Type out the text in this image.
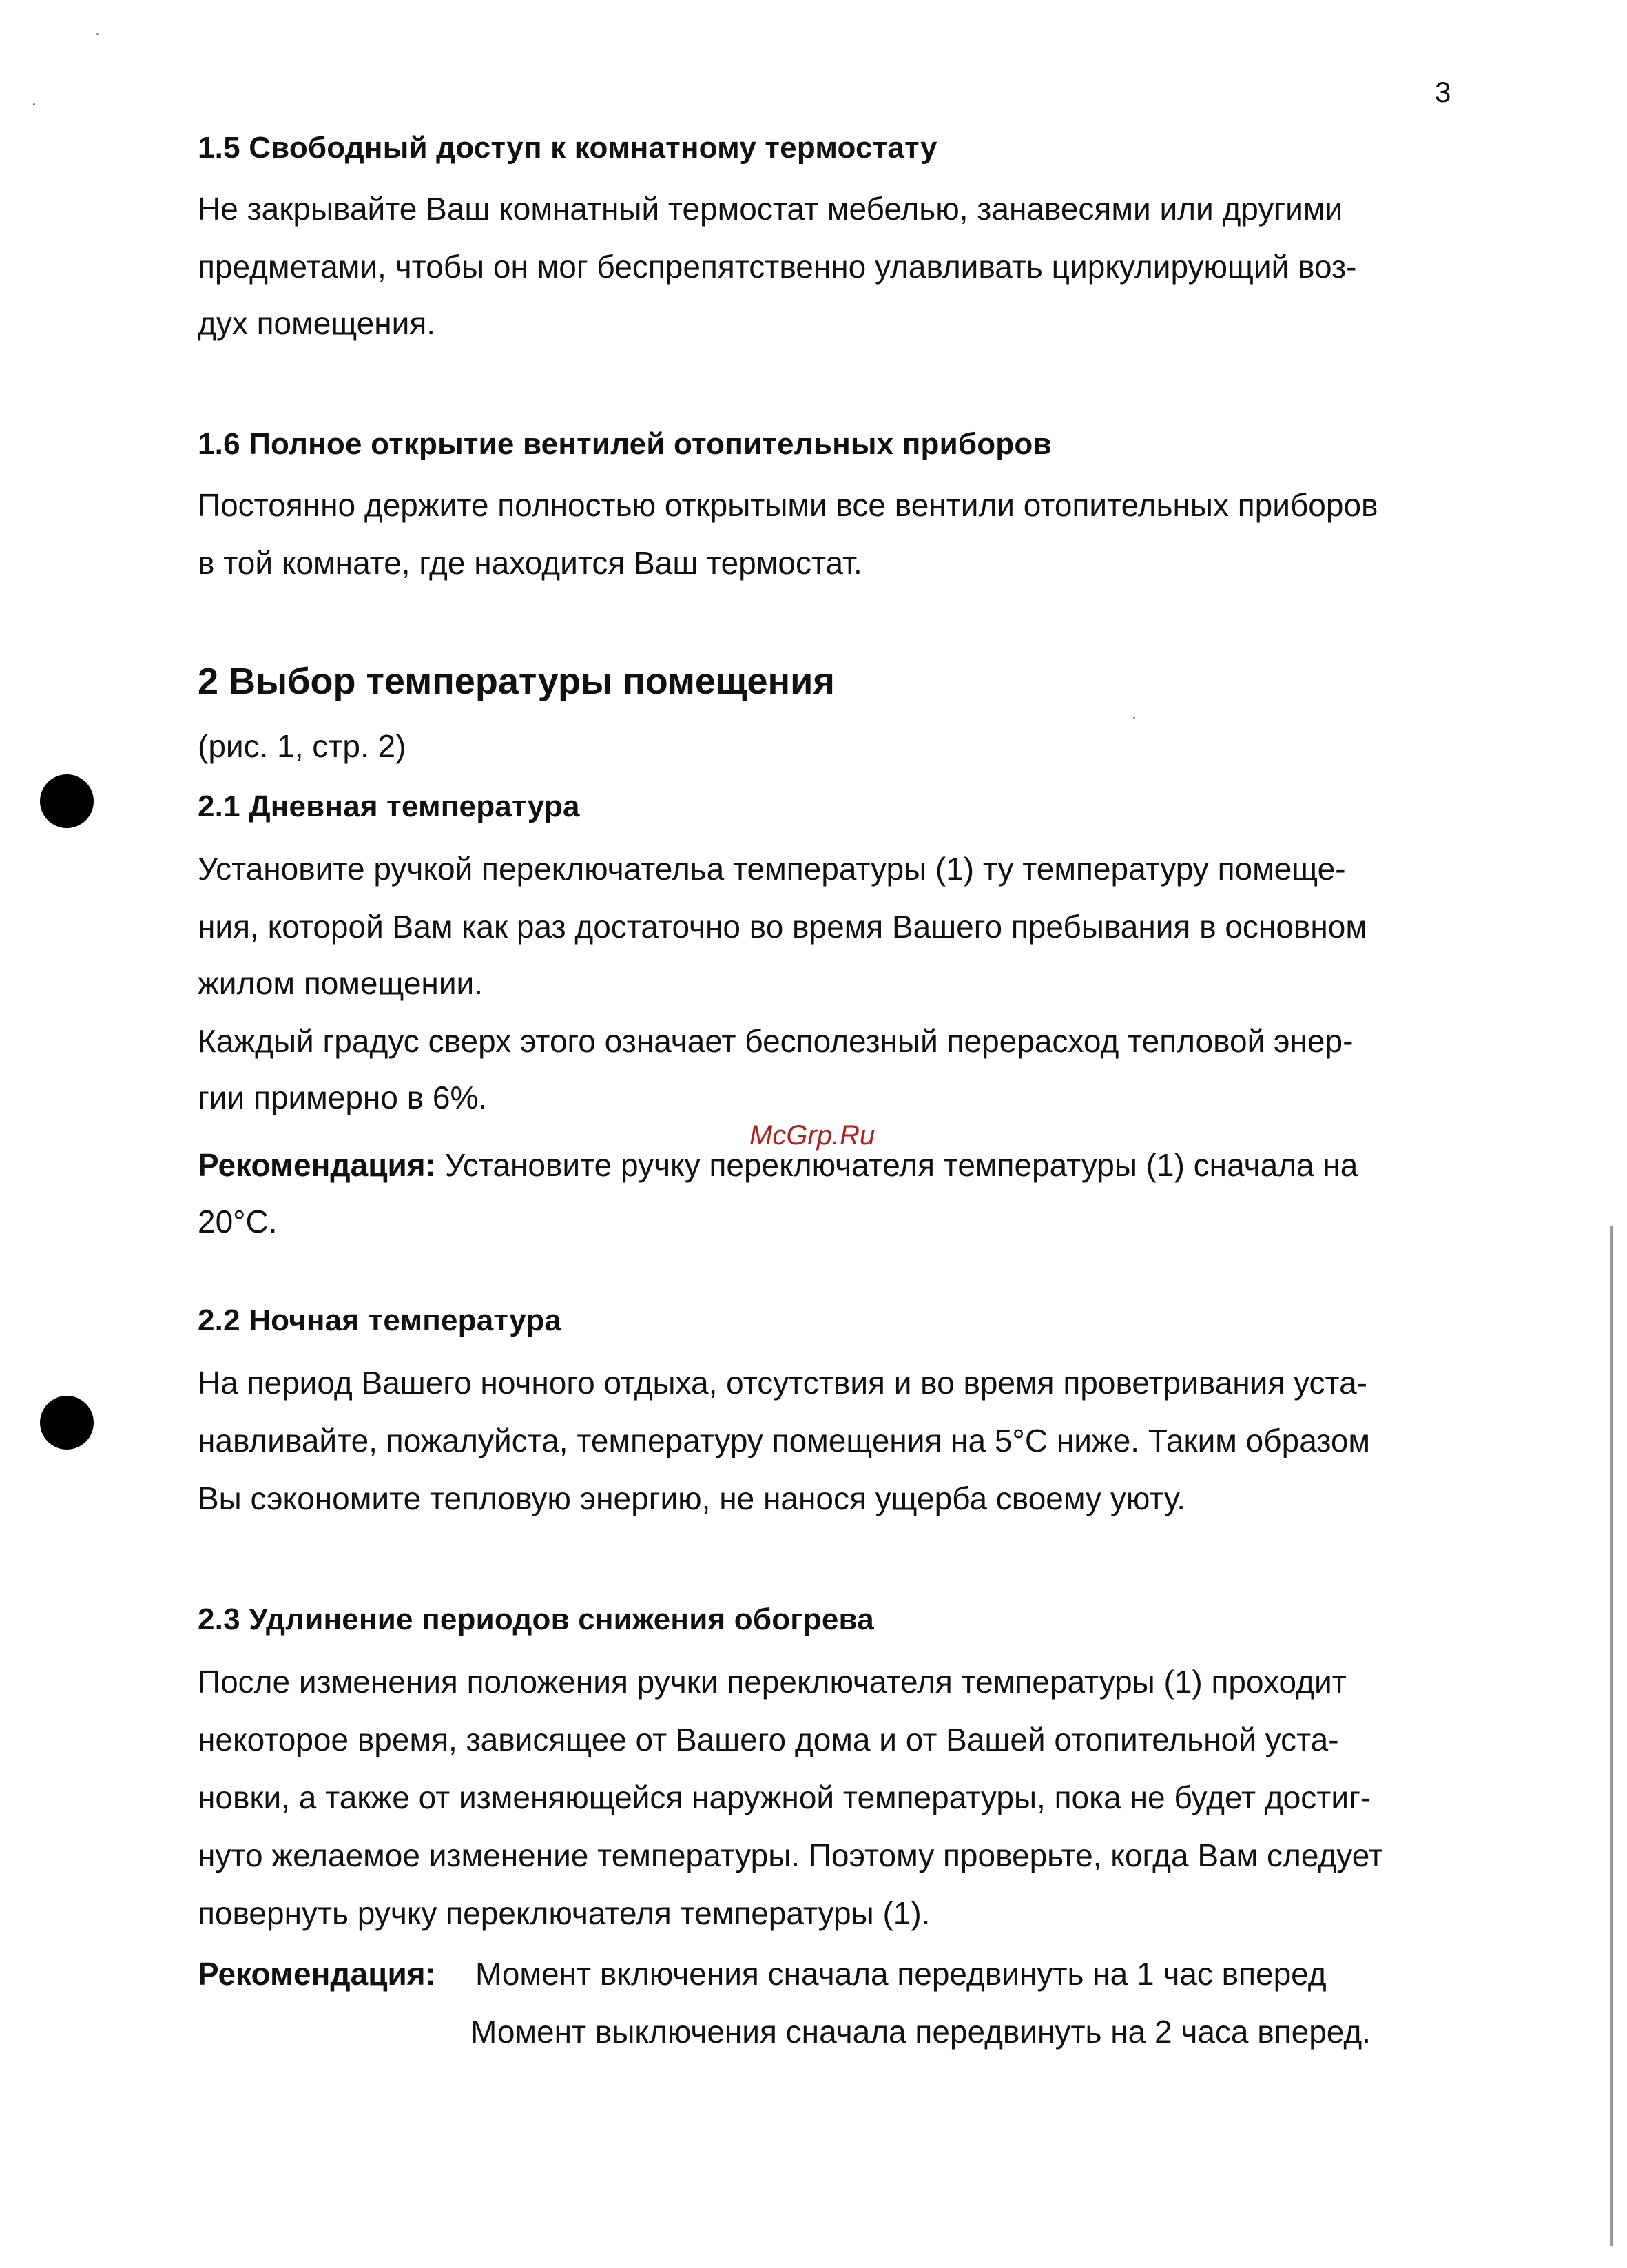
3
1.5 Свободный доступ к комнатному термостату
Не закрывайте Ваш комнатный термостат мебелью, занавесями или другими
предметами, чтобы он мог беспрепятственно улавливать циркулирующий воз-
дух помещения.
1.6 Полное открытие вентилей отопительных приборов
Постоянно держите полностью открытыми все вентили отопительных приборов
в той комнате, где находится Ваш термостат.
2 Выбор температуры помещения
(рис. 1, стр. 2)
2.1 Дневная температура
Установите ручкой переключательа температуры (1) ту температуру помеще-
ния, которой Вам как раз достаточно во время Вашего пребывания в основном
жилом помещении.
Каждый градус сверх этого означает бесполезный перерасход тепловой энер-
гии примерно в 6%.
McGrp.Ru
Рекомендация: Установите ручку переключателя температуры (1) сначала на
20°С.
2.2 Ночная температура
На период Вашего ночного отдыха, отсутствия и во время проветривания уста-
навливайте, пожалуйста, температуру помещения на 5°С ниже. Таким образом
Вы сэкономите тепловую энергию, не нанося ущерба своему уюту.
2.3 Удлинение периодов снижения обогрева
После изменения положения ручки переключателя температуры (1) проходит
некоторое время, зависящее от Вашего дома и от Вашей отопительной уста-
новки, а также от изменяющейся наружной температуры, пока не будет достиг-
нуто желаемое изменение температуры. Поэтому проверьте, когда Вам следует
повернуть ручку переключателя температуры (1).
Рекомендация: Момент включения сначала передвинуть на 1 час вперед
Момент выключения сначала передвинуть на 2 часа вперед.
